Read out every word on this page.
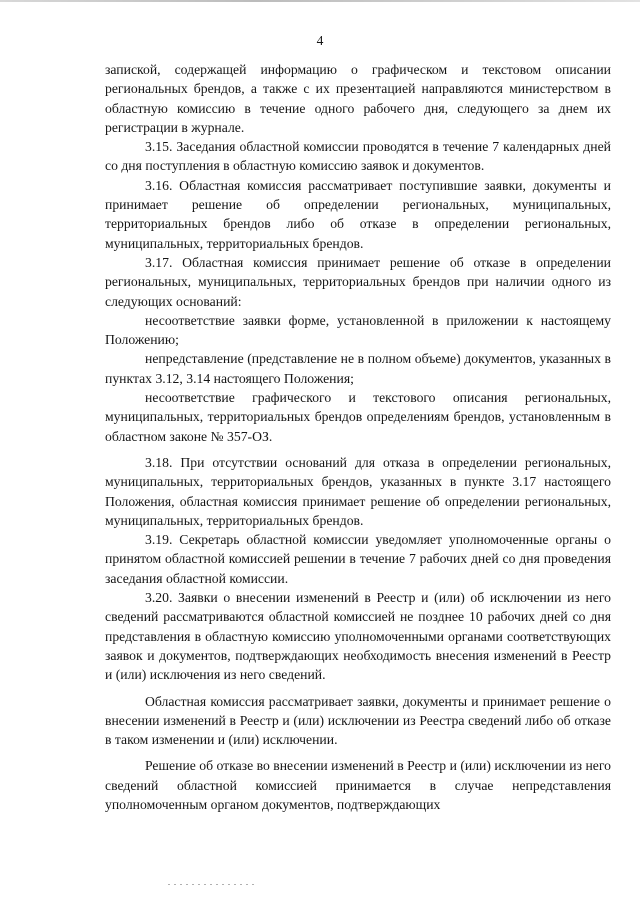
4

запиской, содержащей информацию о графическом и текстовом описании региональных брендов, а также с их презентацией направляются министерством в областную комиссию в течение одного рабочего дня, следующего за днем их регистрации в журнале.

3.15. Заседания областной комиссии проводятся в течение 7 календарных дней со дня поступления в областную комиссию заявок и документов.

3.16. Областная комиссия рассматривает поступившие заявки, документы и принимает решение об определении региональных, муниципальных, территориальных брендов либо об отказе в определении региональных, муниципальных, территориальных брендов.

3.17. Областная комиссия принимает решение об отказе в определении региональных, муниципальных, территориальных брендов при наличии одного из следующих оснований:

несоответствие заявки форме, установленной в приложении к настоящему Положению;

непредставление (представление не в полном объеме) документов, указанных в пунктах 3.12, 3.14 настоящего Положения;

несоответствие графического и текстового описания региональных, муниципальных, территориальных брендов определениям брендов, установленным в областном законе № 357-ОЗ.

3.18. При отсутствии оснований для отказа в определении региональных, муниципальных, территориальных брендов, указанных в пункте 3.17 настоящего Положения, областная комиссия принимает решение об определении региональных, муниципальных, территориальных брендов.

3.19. Секретарь областной комиссии уведомляет уполномоченные органы о принятом областной комиссией решении в течение 7 рабочих дней со дня проведения заседания областной комиссии.

3.20. Заявки о внесении изменений в Реестр и (или) об исключении из него сведений рассматриваются областной комиссией не позднее 10 рабочих дней со дня представления в областную комиссию уполномоченными органами соответствующих заявок и документов, подтверждающих необходимость внесения изменений в Реестр и (или) исключения из него сведений.

Областная комиссия рассматривает заявки, документы и принимает решение о внесении изменений в Реестр и (или) исключении из Реестра сведений либо об отказе в таком изменении и (или) исключении.

Решение об отказе во внесении изменений в Реестр и (или) исключении из него сведений областной комиссией принимается в случае непредставления уполномоченным органом документов, подтверждающих
